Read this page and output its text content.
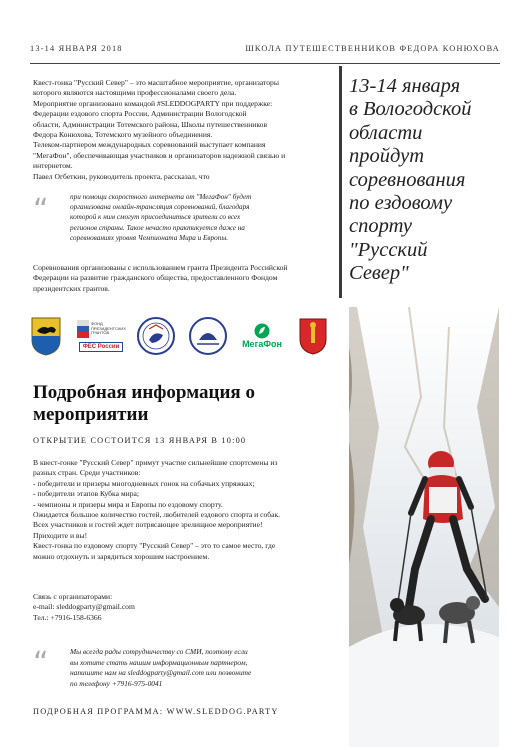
13-14 ЯНВАРЯ 2018	ШКОЛА ПУТЕШЕСТВЕННИКОВ ФЕДОРА КОНЮХОВА

Квест-гонка "Русский Север" – это масштабное мероприятие, организаторы

которого являются настоящими профессионалами своего дела.

Мероприятие организовано командой #SLEDDOGPARTY при поддержке:

Федерации ездового спорта России, Администрации Вологодской

области, Администрации Тотемского района, Школы путешественников

Федора Конюхова, Тотемского музейного объединения.

Телеком-партнером международных соревнований выступает компания

"МегаФон", обеспечивающая участников и организаторов надежной связью и

интернетом.

Павел Огбеткин, руководитель проекта, рассказал, что

“	при помощи скоростного интернета от "МегаФон" будет
организована онлайн-трансляция соревнований, благодаря
которой к ним смогут присоединиться зрители со всех
регионов страны. Такое нечасто практикуется даже на
соревнованиях уровня Чемпионата Мира и Европы.

Соревнования организованы с использованием гранта Президента Российской

Федерации на развитие гражданского общества, предоставленного Фондом

президентских грантов.

13-14 января
в Вологодской
области
пройдут
соревнования
по ездовому
спорту
"Русский
Север"
ФОНД ПРЕЗИДЕНТСКИХ ГРАНТОВ
ФЕС России	МегаФон
Подробная информация о
мероприятии
ОТКРЫТИЕ СОСТОИТСЯ 13 ЯНВАРЯ В 10:00

В квест-гонке "Русский Север" примут участие сильнейшие спортсмены из

разных стран. Среди участников:

- победители и призеры многодневных гонок на собачьих упряжках;

- победители этапов Кубка мира;

- чемпионы и призеры мира и Европы по ездовому спорту.

Ожидается большое количество гостей, любителей ездового спорта и собак.

Всех участников и гостей ждет потрясающее зрелищное мероприятие!

Приходите и вы!

Квест-гонка по ездовому спорту "Русский Север" – это то самое место, где

можно отдохнуть и зарядиться хорошим настроением.

Связь с организаторами:

e-mail: sleddogparty@gmail.com

Тел.: +7916-158-6366

“	Мы всегда рады сотрудничеству со СМИ, поэтому если
вы хотите стать нашим информационным партнером,
напишите нам на sleddogparty@gmail.com или позвоните
по телефону +7916-975-0041
ПОДРОБНАЯ ПРОГРАММА: WWW.SLEDDOG.PARTY
